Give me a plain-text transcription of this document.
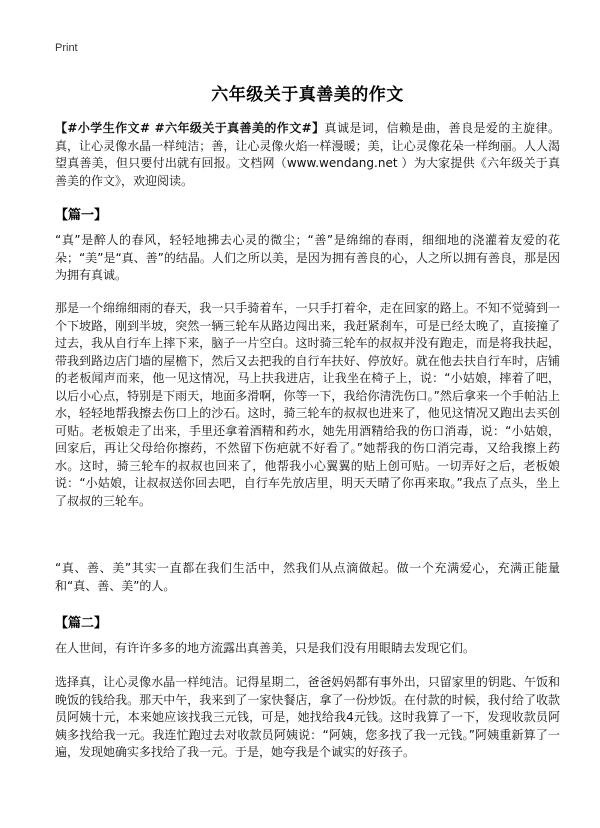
Print
六年级关于真善美的作文
【#小学生作文# #六年级关于真善美的作文#】真诚是词，信赖是曲，善良是爱的主旋律。真，让心灵像水晶一样纯洁；善，让心灵像火焰一样漫暖；美，让心灵像花朵一样绚丽。人人渴望真善美，但只要付出就有回报。文档网（www.wendang.net ）为大家提供《六年级关于真善美的作文》，欢迎阅读。
【篇一】
“真”是醉人的春风，轻轻地拂去心灵的微尘；“善”是绵绵的春雨，细细地的浇灌着友爱的花朵；“美”是“真、善”的结晶。人们之所以美，是因为拥有善良的心，人之所以拥有善良，那是因为拥有真诚。
那是一个绵绵细雨的春天，我一只手骑着车，一只手打着伞，走在回家的路上。不知不觉骑到一个下坡路，刚到半坡，突然一辆三轮车从路边闯出来，我赶紧刹车，可是已经太晚了，直接撞了过去，我从自行车上摔下来，脑子一片空白。这时骑三轮车的叔叔并没有跑走，而是将我扶起，带我到路边店门墙的屋檐下，然后又去把我的自行车扶好、停放好。就在他去扶自行车时，店铺的老板闻声而来，他一见这情况，马上扶我进店，让我坐在椅子上，说：“小姑娘，摔着了吧，以后小心点，特别是下雨天，地面多滑啊，你等一下，我给你清洗伤口。”然后拿来一个手帕沾上水，轻轻地帮我擦去伤口上的沙石。这时，骑三轮车的叔叔也进来了，他见这情况又跑出去买创可贴。老板娘走了出来，手里还拿着酒精和药水，她先用酒精给我的伤口消毒，说：“小姑娘，回家后，再让父母给你擦药，不然留下伤疤就不好看了。”她帮我的伤口消完毒，又给我擦上药水。这时，骑三轮车的叔叔也回来了，他帮我小心翼翼的贴上创可贴。一切弄好之后，老板娘说：“小姑娘，让叔叔送你回去吧，自行车先放店里，明天天晴了你再来取。”我点了点头，坐上了叔叔的三轮车。
“真、善、美”其实一直都在我们生活中，然我们从点滴做起。做一个充满爱心，充满正能量和“真、善、美”的人。
【篇二】
在人世间，有许许多多的地方流露出真善美，只是我们没有用眼睛去发现它们。
选择真，让心灵像水晶一样纯洁。记得星期二，爸爸妈妈都有事外出，只留家里的钥匙、午饭和晚饭的钱给我。那天中午，我来到了一家快餐店，拿了一份炒饭。在付款的时候，我付给了收款员阿姨十元，本来她应该找我三元钱，可是，她找给我4元钱。这时我算了一下，发现收款员阿姨多找给我一元。我连忙跑过去对收款员阿姨说：“阿姨，您多找了我一元钱。”阿姨重新算了一遍，发现她确实多找给了我一元。于是，她夸我是个诚实的好孩子。
